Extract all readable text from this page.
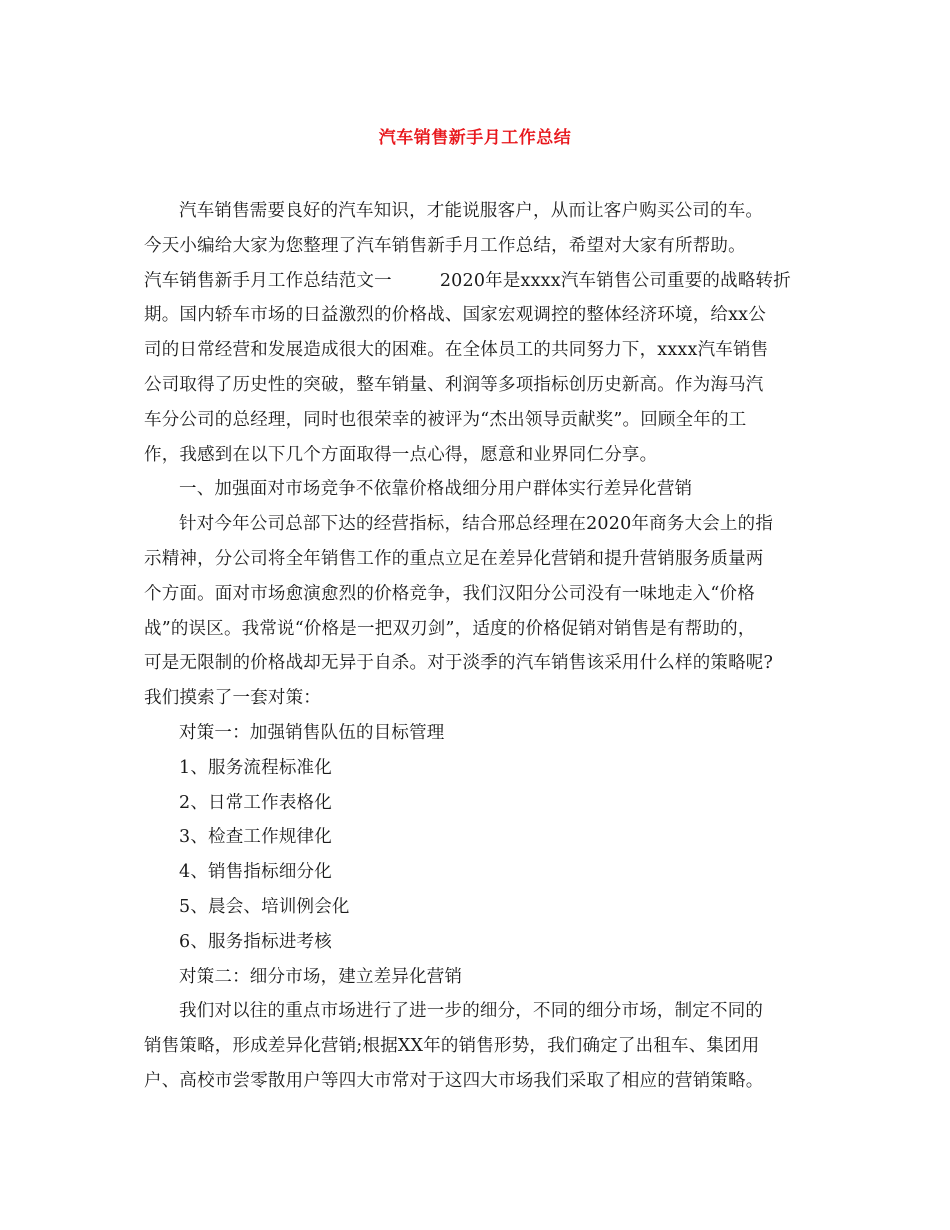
汽车销售新手月工作总结
汽车销售需要良好的汽车知识，才能说服客户，从而让客户购买公司的车。
今天小编给大家为您整理了汽车销售新手月工作总结，希望对大家有所帮助。
汽车销售新手月工作总结范文一	2020年是xxxx汽车销售公司重要的战略转折
期。国内轿车市场的日益激烈的价格战、国家宏观调控的整体经济环境，给xx公
司的日常经营和发展造成很大的困难。在全体员工的共同努力下，xxxx汽车销售
公司取得了历史性的突破，整车销量、利润等多项指标创历史新高。作为海马汽
车分公司的总经理，同时也很荣幸的被评为“杰出领导贡献奖”。回顾全年的工
作，我感到在以下几个方面取得一点心得，愿意和业界同仁分享。
一、加强面对市场竞争不依靠价格战细分用户群体实行差异化营销
针对今年公司总部下达的经营指标，结合邢总经理在2020年商务大会上的指
示精神，分公司将全年销售工作的重点立足在差异化营销和提升营销服务质量两
个方面。面对市场愈演愈烈的价格竞争，我们汉阳分公司没有一味地走入“价格
战”的误区。我常说“价格是一把双刃剑”，适度的价格促销对销售是有帮助的，
可是无限制的价格战却无异于自杀。对于淡季的汽车销售该采用什么样的策略呢?
我们摸索了一套对策：
对策一：加强销售队伍的目标管理
1、服务流程标准化
2、日常工作表格化
3、检查工作规律化
4、销售指标细分化
5、晨会、培训例会化
6、服务指标进考核
对策二：细分市场，建立差异化营销
我们对以往的重点市场进行了进一步的细分，不同的细分市场，制定不同的
销售策略，形成差异化营销;根据XX年的销售形势，我们确定了出租车、集团用
户、高校市尝零散用户等四大市常对于这四大市场我们采取了相应的营销策略。
